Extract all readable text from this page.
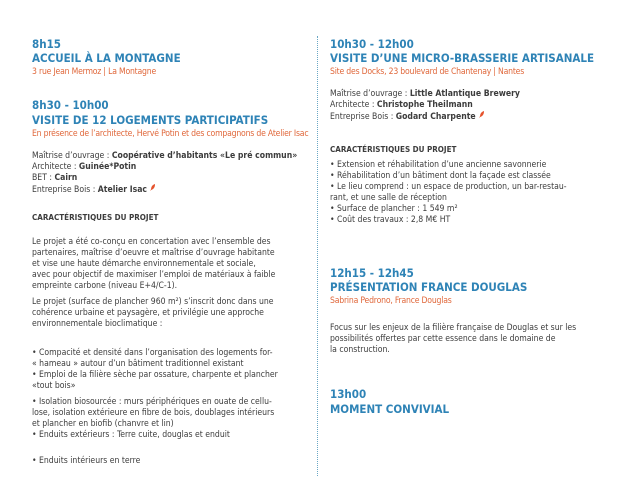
8h15
ACCUEIL À LA MONTAGNE
3 rue Jean Mermoz | La Montagne
8h30 - 10h00
VISITE DE 12 LOGEMENTS PARTICIPATIFS
En présence de l’architecte, Hervé Potin et des compagnons de Atelier Isac
Maîtrise d’ouvrage : Coopérative d’habitants «Le pré commun»
Architecte : Guinée*Potin
BET : Cairn
Entreprise Bois : Atelier Isac
CARACTÉRISTIQUES DU PROJET
Le projet a été co-conçu en concertation avec l’ensemble des
partenaires, maîtrise d’oeuvre et maîtrise d’ouvrage habitante
et vise une haute démarche environnementale et sociale,
avec pour objectif de maximiser l’emploi de matériaux à faible
empreinte carbone (niveau E+4/C-1).
Le projet (surface de plancher 960 m²) s’inscrit donc dans une
cohérence urbaine et paysagère, et privilégie une approche
environnementale bioclimatique :
• Compacité et densité dans l’organisation des logements for-
« hameau » autour d’un bâtiment traditionnel existant
• Emploi de la filière sèche par ossature, charpente et plancher
«tout bois»
• Isolation biosourcée : murs périphériques en ouate de cellu-
lose, isolation extérieure en fibre de bois, doublages intérieurs
et plancher en biofib (chanvre et lin)
• Enduits extérieurs : Terre cuite, douglas et enduit
• Enduits intérieurs en terre
10h30 - 12h00
VISITE D’UNE MICRO-BRASSERIE ARTISANALE
Site des Docks, 23 boulevard de Chantenay | Nantes
Maîtrise d’ouvrage : Little Atlantique Brewery
Architecte : Christophe Theilmann
Entreprise Bois : Godard Charpente
CARACTÉRISTIQUES DU PROJET
• Extension et réhabilitation d’une ancienne savonnerie
• Réhabilitation d’un bâtiment dont la façade est classée
• Le lieu comprend : un espace de production, un bar-restau-
rant, et une salle de réception
• Surface de plancher : 1 549 m²
• Coût des travaux : 2,8 M€ HT
12h15 - 12h45
PRÉSENTATION FRANCE DOUGLAS
Sabrina Pedrono, France Douglas
Focus sur les enjeux de la filière française de Douglas et sur les
possibilités offertes par cette essence dans le domaine de
la construction.
13h00
MOMENT CONVIVIAL
